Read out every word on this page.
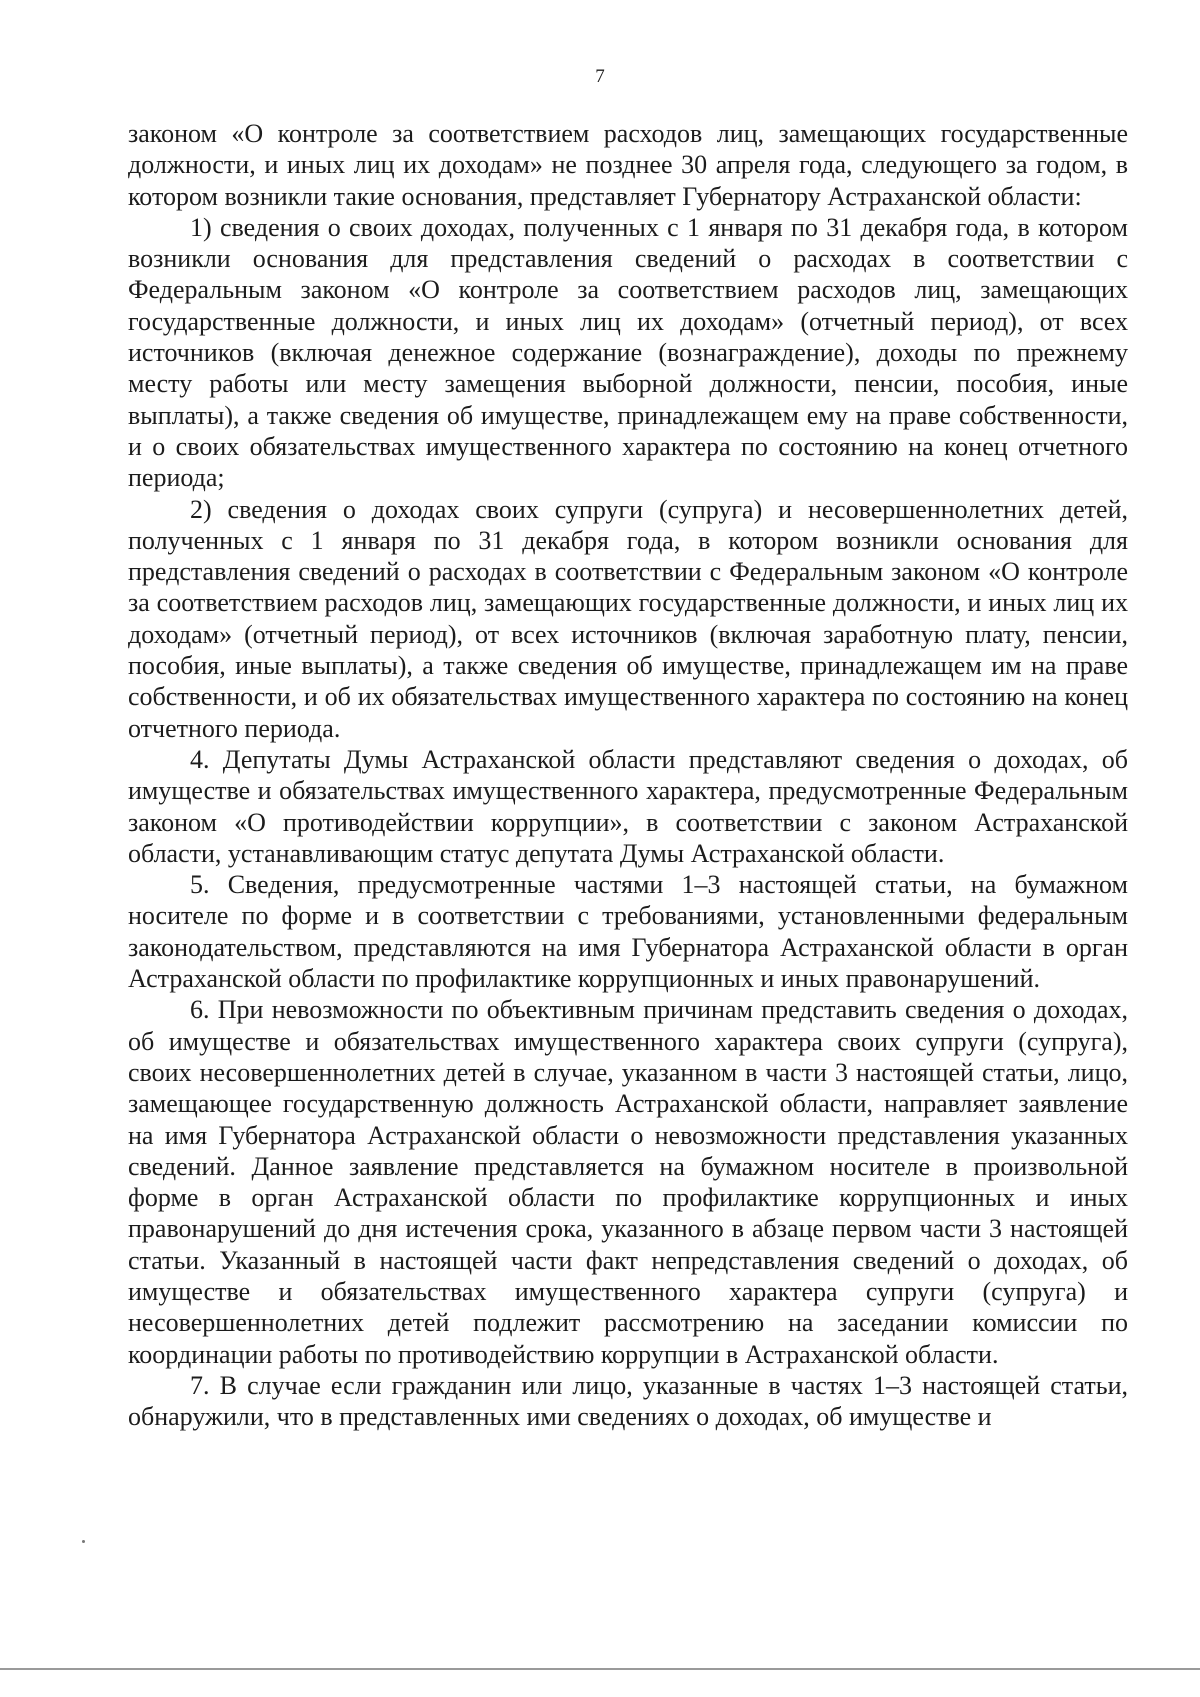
7

законом «О контроле за соответствием расходов лиц, замещающих государственные должности, и иных лиц их доходам» не позднее 30 апреля года, следующего за годом, в котором возникли такие основания, представляет Губернатору Астраханской области:

1) сведения о своих доходах, полученных с 1 января по 31 декабря года, в котором возникли основания для представления сведений о расходах в соответствии с Федеральным законом «О контроле за соответствием расходов лиц, замещающих государственные должности, и иных лиц их доходам» (отчетный период), от всех источников (включая денежное содержание (вознаграждение), доходы по прежнему месту работы или месту замещения выборной должности, пенсии, пособия, иные выплаты), а также сведения об имуществе, принадлежащем ему на праве собственности, и о своих обязательствах имущественного характера по состоянию на конец отчетного периода;

2) сведения о доходах своих супруги (супруга) и несовершеннолетних детей, полученных с 1 января по 31 декабря года, в котором возникли основания для представления сведений о расходах в соответствии с Федеральным законом «О контроле за соответствием расходов лиц, замещающих государственные должности, и иных лиц их доходам» (отчетный период), от всех источников (включая заработную плату, пенсии, пособия, иные выплаты), а также сведения об имуществе, принадлежащем им на праве собственности, и об их обязательствах имущественного характера по состоянию на конец отчетного периода.

4. Депутаты Думы Астраханской области представляют сведения о доходах, об имуществе и обязательствах имущественного характера, предусмотренные Федеральным законом «О противодействии коррупции», в соответствии с законом Астраханской области, устанавливающим статус депутата Думы Астраханской области.

5. Сведения, предусмотренные частями 1–3 настоящей статьи, на бумажном носителе по форме и в соответствии с требованиями, установленными федеральным законодательством, представляются на имя Губернатора Астраханской области в орган Астраханской области по профилактике коррупционных и иных правонарушений.

6. При невозможности по объективным причинам представить сведения о доходах, об имуществе и обязательствах имущественного характера своих супруги (супруга), своих несовершеннолетних детей в случае, указанном в части 3 настоящей статьи, лицо, замещающее государственную должность Астраханской области, направляет заявление на имя Губернатора Астраханской области о невозможности представления указанных сведений. Данное заявление представляется на бумажном носителе в произвольной форме в орган Астраханской области по профилактике коррупционных и иных правонарушений до дня истечения срока, указанного в абзаце первом части 3 настоящей статьи. Указанный в настоящей части факт непредставления сведений о доходах, об имуществе и обязательствах имущественного характера супруги (супруга) и несовершеннолетних детей подлежит рассмотрению на заседании комиссии по координации работы по противодействию коррупции в Астраханской области.

7. В случае если гражданин или лицо, указанные в частях 1–3 настоящей статьи, обнаружили, что в представленных ими сведениях о доходах, об имуществе и
